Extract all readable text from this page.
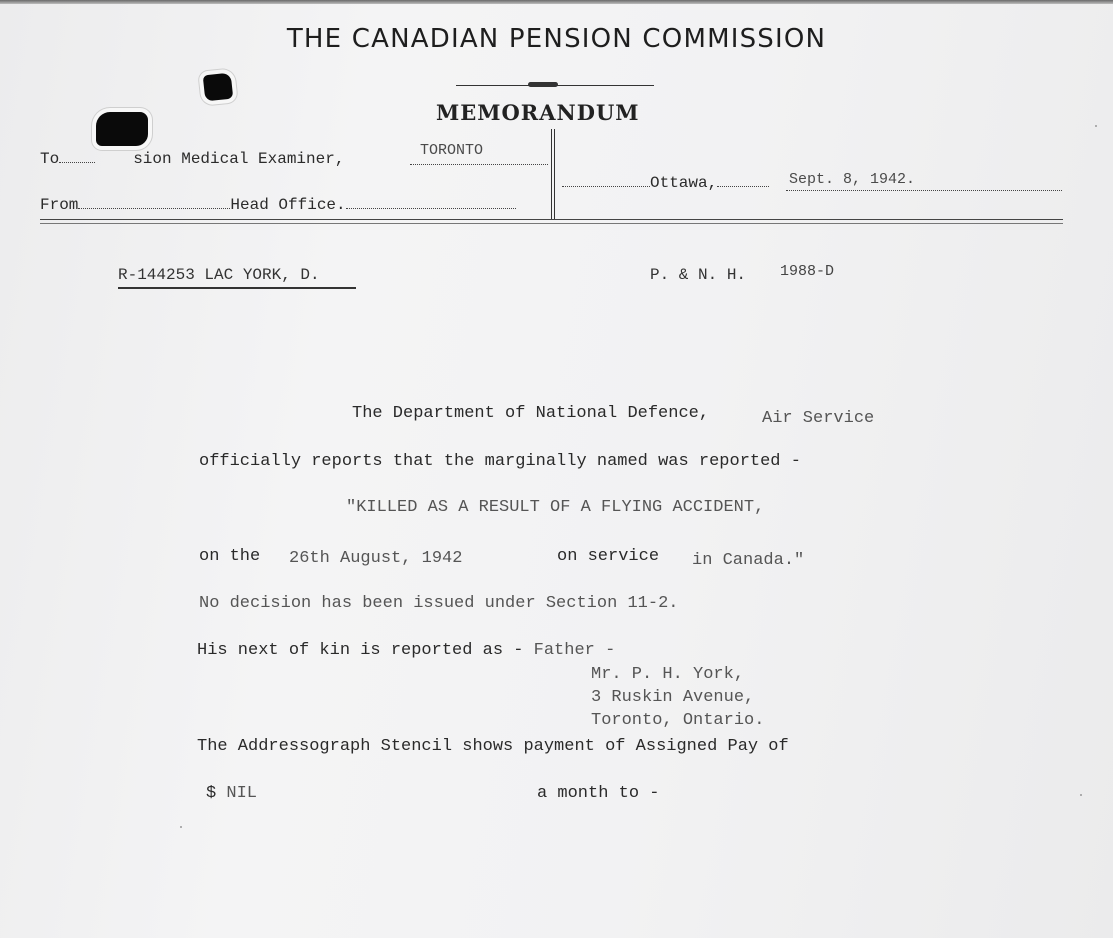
THE CANADIAN PENSION COMMISSION
MEMORANDUM
To	sion Medical Examiner,	TORONTO
From	Head Office.
Ottawa,	Sept. 8, 1942.
R-144253 LAC YORK, D.	P. & N. H. 1988-D
The Department of National Defence,	Air Service
officially reports that the marginally named was reported -
"KILLED AS A RESULT OF A FLYING ACCIDENT,
on the 26th August, 1942	on service in Canada."
No decision has been issued under Section 11-2.
His next of kin is reported as - Father -
Mr. P. H. York,
3 Ruskin Avenue,
Toronto, Ontario.
The Addressograph Stencil shows payment of Assigned Pay of
$ NIL	a month to -
